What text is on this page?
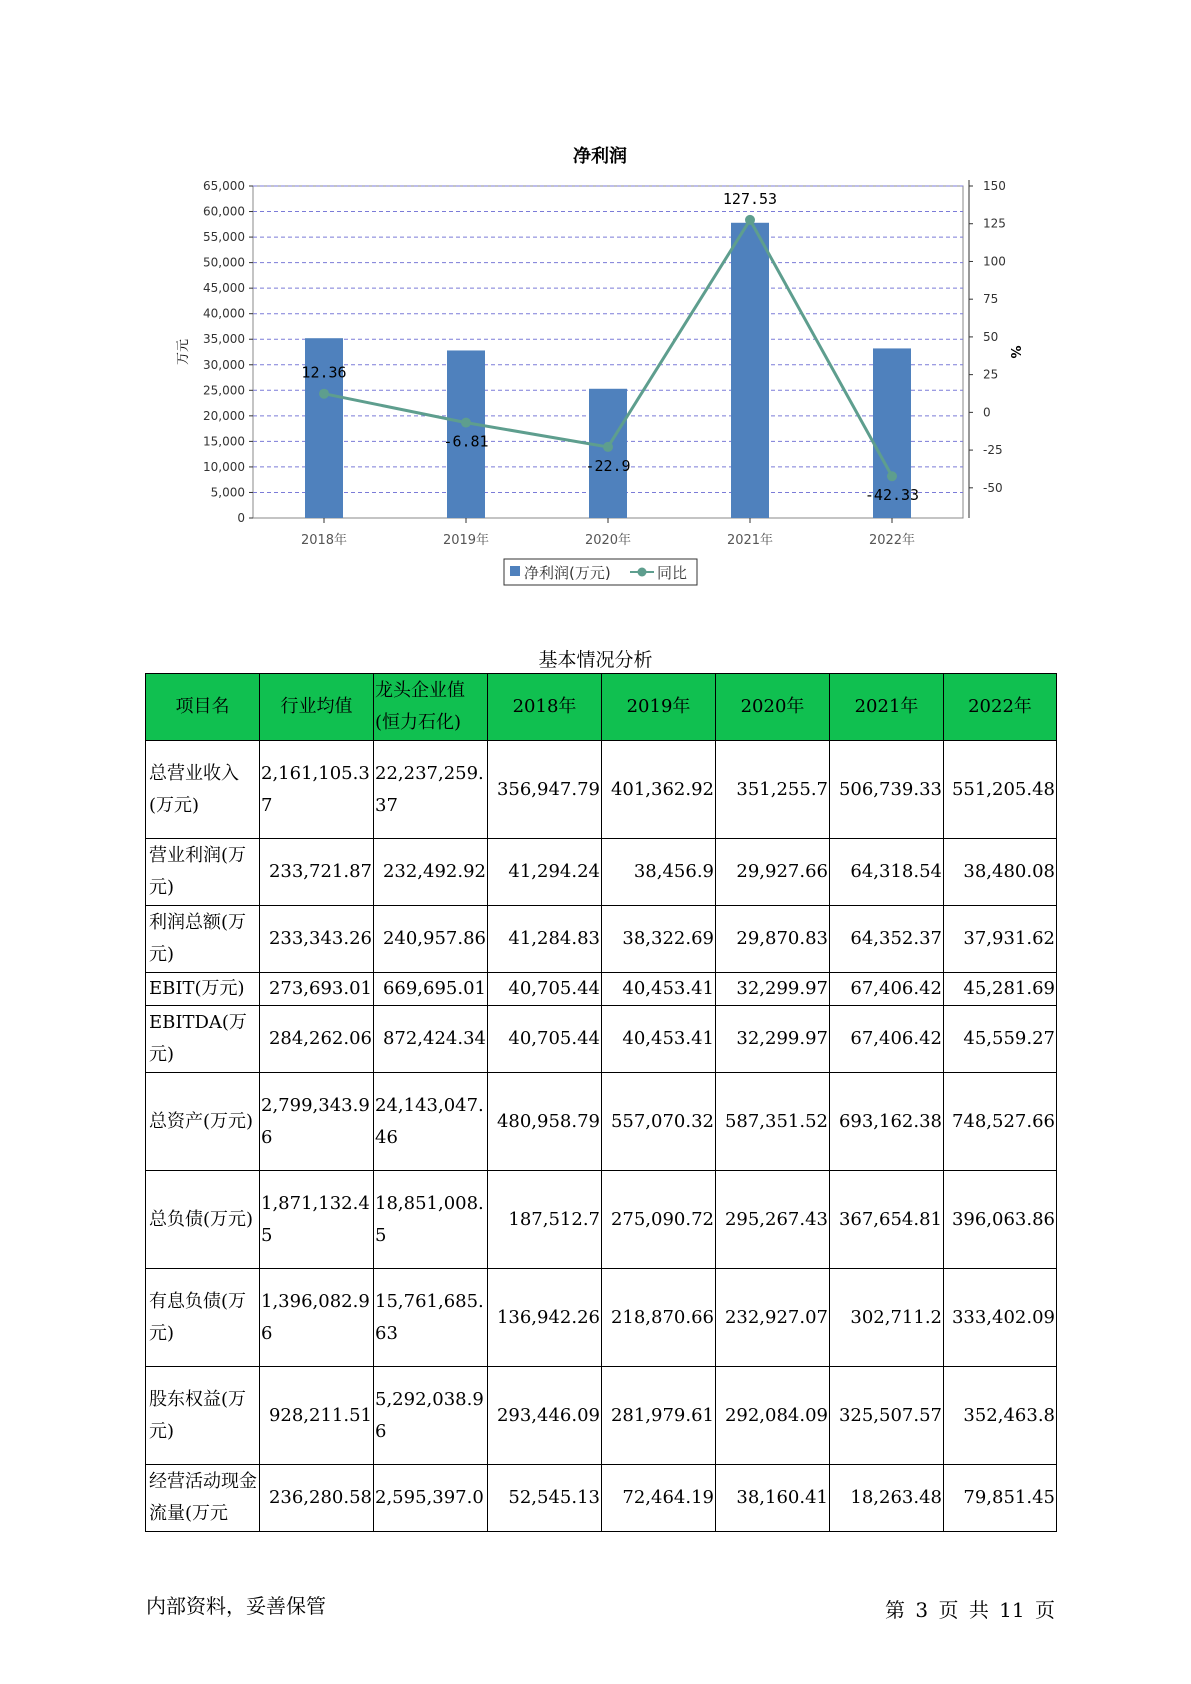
净利润
12.36
-6.81
-22.9
127.53
-42.33
0
5,000
10,000
15,000
20,000
25,000
30,000
35,000
40,000
45,000
50,000
55,000
60,000
65,000
-50
-25
0
25
50
75
100
125
150
2018年	2019年	2020年	2021年	2022年
万元	%
净利润(万元)	同比
基本情况分析
项目名	行业均值	龙头企业值(恒力石化)	2018年	2019年	2020年	2021年	2022年
总营业收入(万元)	2,161,105.37	22,237,259.37	356,947.79	401,362.92	351,255.7	506,739.33	551,205.48
营业利润(万元)	233,721.87	232,492.92	41,294.24	38,456.9	29,927.66	64,318.54	38,480.08
利润总额(万元)	233,343.26	240,957.86	41,284.83	38,322.69	29,870.83	64,352.37	37,931.62
EBIT(万元)	273,693.01	669,695.01	40,705.44	40,453.41	32,299.97	67,406.42	45,281.69
EBITDA(万元)	284,262.06	872,424.34	40,705.44	40,453.41	32,299.97	67,406.42	45,559.27
总资产(万元)	2,799,343.96	24,143,047.46	480,958.79	557,070.32	587,351.52	693,162.38	748,527.66
总负债(万元)	1,871,132.45	18,851,008.5	187,512.7	275,090.72	295,267.43	367,654.81	396,063.86
有息负债(万元)	1,396,082.96	15,761,685.63	136,942.26	218,870.66	232,927.07	302,711.2	333,402.09
股东权益(万元)	928,211.51	5,292,038.96	293,446.09	281,979.61	292,084.09	325,507.57	352,463.8
经营活动现金流量(万元	236,280.58	2,595,397.0	52,545.13	72,464.19	38,160.41	18,263.48	79,851.45
内部资料，妥善保管	第 3 页 共 11 页
